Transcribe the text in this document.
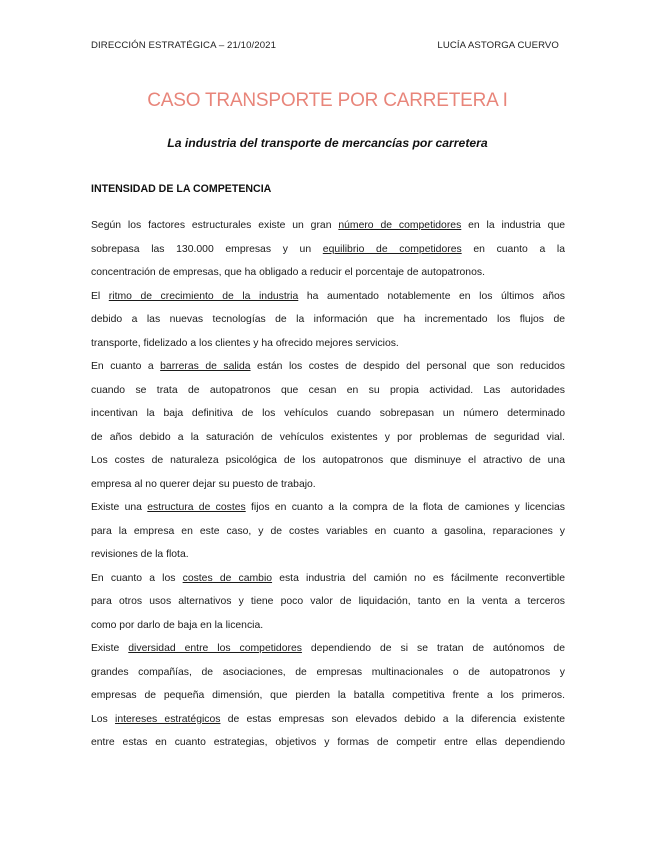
DIRECCIÓN ESTRATÉGICA – 21/10/2021	LUCÍA ASTORGA CUERVO
CASO TRANSPORTE POR CARRETERA I
La industria del transporte de mercancías por carretera
INTENSIDAD DE LA COMPETENCIA
Según los factores estructurales existe un gran número de competidores en la industria que
sobrepasa las 130.000 empresas y un equilibrio de competidores en cuanto a la
concentración de empresas, que ha obligado a reducir el porcentaje de autopatronos.
El ritmo de crecimiento de la industria ha aumentado notablemente en los últimos años
debido a las nuevas tecnologías de la información que ha incrementado los flujos de
transporte, fidelizado a los clientes y ha ofrecido mejores servicios.
En cuanto a barreras de salida están los costes de despido del personal que son reducidos
cuando se trata de autopatronos que cesan en su propia actividad. Las autoridades
incentivan la baja definitiva de los vehículos cuando sobrepasan un número determinado
de años debido a la saturación de vehículos existentes y por problemas de seguridad vial.
Los costes de naturaleza psicológica de los autopatronos que disminuye el atractivo de una
empresa al no querer dejar su puesto de trabajo.
Existe una estructura de costes fijos en cuanto a la compra de la flota de camiones y licencias
para la empresa en este caso, y de costes variables en cuanto a gasolina, reparaciones y
revisiones de la flota.
En cuanto a los costes de cambio esta industria del camión no es fácilmente reconvertible
para otros usos alternativos y tiene poco valor de liquidación, tanto en la venta a terceros
como por darlo de baja en la licencia.
Existe diversidad entre los competidores dependiendo de si se tratan de autónomos de
grandes compañías, de asociaciones, de empresas multinacionales o de autopatronos y
empresas de pequeña dimensión, que pierden la batalla competitiva frente a los primeros.
Los intereses estratégicos de estas empresas son elevados debido a la diferencia existente
entre estas en cuanto estrategias, objetivos y formas de competir entre ellas dependiendo
